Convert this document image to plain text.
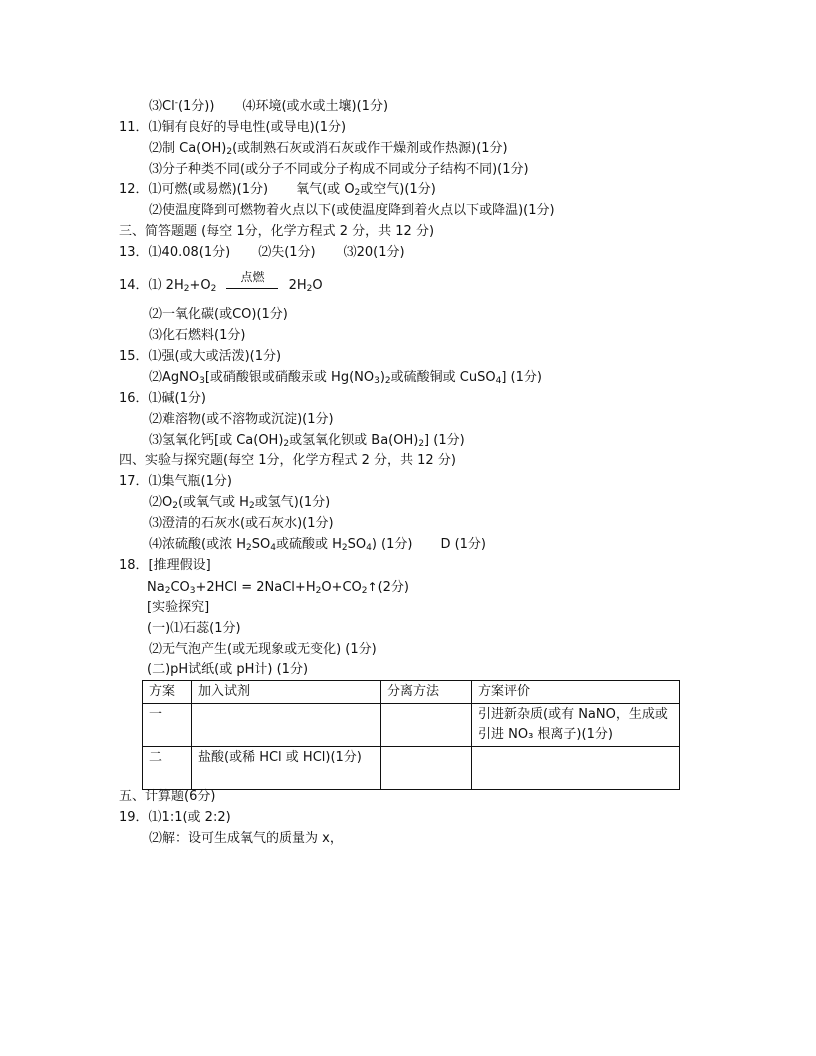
⑶Cl-(1分)) ⑷环境(或水或土壤)(1分)
11．⑴铜有良好的导电性(或导电)(1分)
⑵制 $Ca(OH)_2$(或制熟石灰或消石灰或作干燥剂或作热源)(1分)
⑶分子种类不同(或分子不同或分子构成不同或分子结构不同)(1分)
12．⑴可燃(或易燃)(1分) 氧气(或 $O_2$或空气)(1分)
⑵使温度降到可燃物着火点以下(或使温度降到着火点以下或降温)(1分)
三、简答题题 (每空 1分，化学方程式 2 分，共 12 分)
13．⑴40.08(1分) ⑵失(1分) ⑶20(1分)
14．⑴ $2H_2+O_2$
点燃
$2H_2O$
⑵一氧化碳(或CO)(1分)
⑶化石燃料(1分)
15．⑴强(或大或活泼)(1分)
⑵AgNO$_3$[或硝酸银或硝酸汞或 $Hg(NO_3)_2$或硫酸铜或 CuSO$_4$] (1分)
16．⑴碱(1分)
⑵难溶物(或不溶物或沉淀)(1分)
⑶氢氧化钙[或 $Ca(OH)_2$或氢氧化钡或 $Ba(OH)_2$] (1分)
四、实验与探究题(每空 1分，化学方程式 2 分，共 12 分)
17．⑴集气瓶(1分)
$⑵O_2$(或氧气或 $H_2$或氢气)(1分)
⑶澄清的石灰水(或石灰水)(1分)
⑷浓硫酸(或浓 $H_2SO_4$或硫酸或 $H_2SO_4$) (1分) D (1分)
18．[推理假设]
$Na_2CO_3+2HCl$ = $2NaCl+H_2O+CO_2↑(2$分)
[实验探究]
(一)⑴石蕊(1分)
⑵无气泡产生(或无现象或无变化) (1分)
(二)pH试纸(或 pH计) (1分)
方案	加入试剂	分离方法	方案评价
一			引进新杂质(或有 NaNO，生成或引进 NO₃ 根离子)(1分)
二	盐酸(或稀 HCl 或 HCl)(1分)		
五、计算题(6分)
19．⑴1:1(或 2:2)
⑵解：设可生成氧气的质量为 x，
